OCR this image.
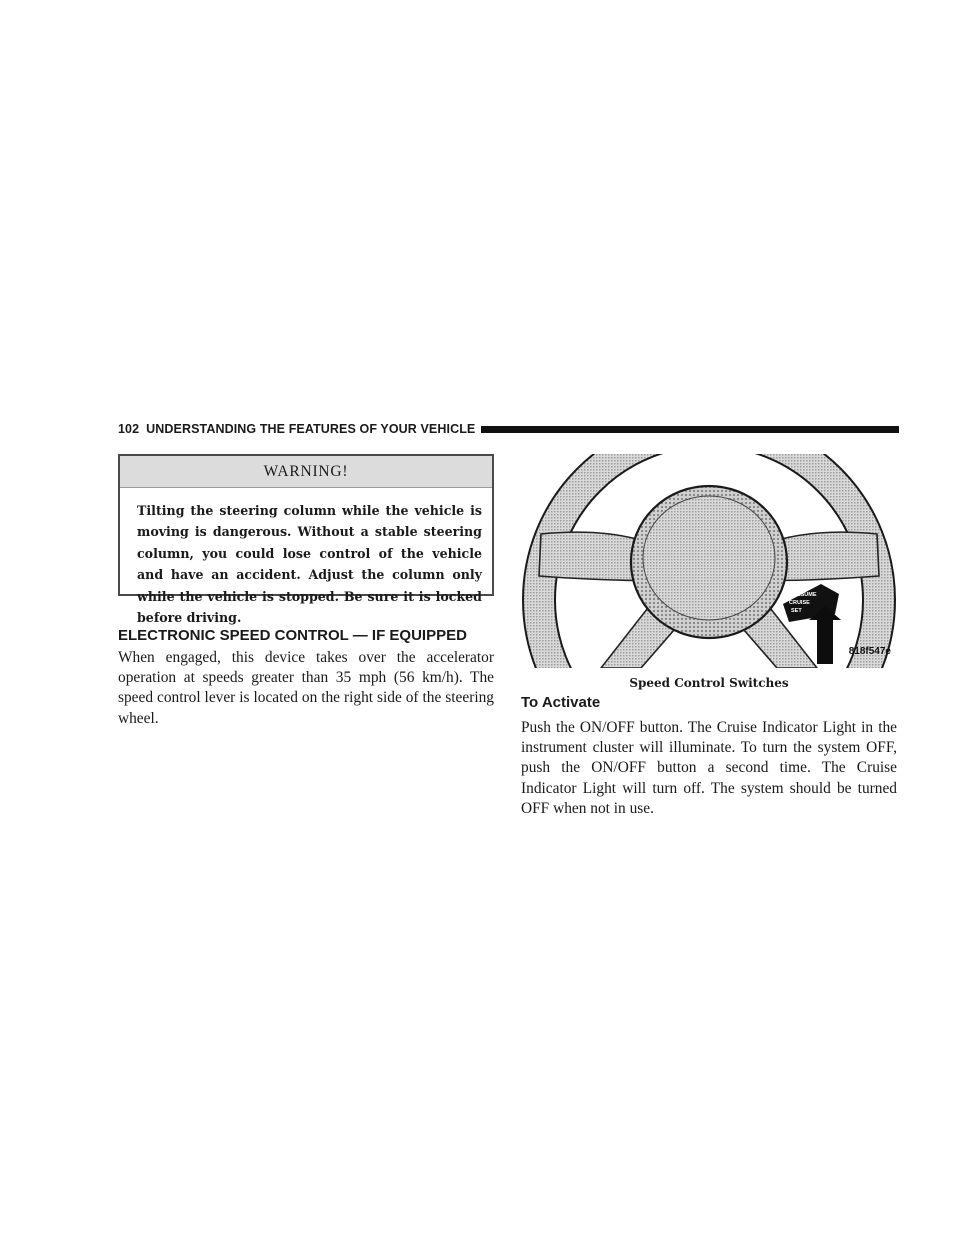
102 UNDERSTANDING THE FEATURES OF YOUR VEHICLE
WARNING!

Tilting the steering column while the vehicle is moving is dangerous. Without a stable steering column, you could lose control of the vehicle and have an accident. Adjust the column only while the vehicle is stopped. Be sure it is locked before driving.

ELECTRONIC SPEED CONTROL — IF EQUIPPED

When engaged, this device takes over the accelerator operation at speeds greater than 35 mph (56 km/h). The speed control lever is located on the right side of the steering wheel.

RESUME
CRUISE
SET
818f547e
Speed Control Switches
To Activate

Push the ON/OFF button. The Cruise Indicator Light in the instrument cluster will illuminate. To turn the system OFF, push the ON/OFF button a second time. The Cruise Indicator Light will turn off. The system should be turned OFF when not in use.
